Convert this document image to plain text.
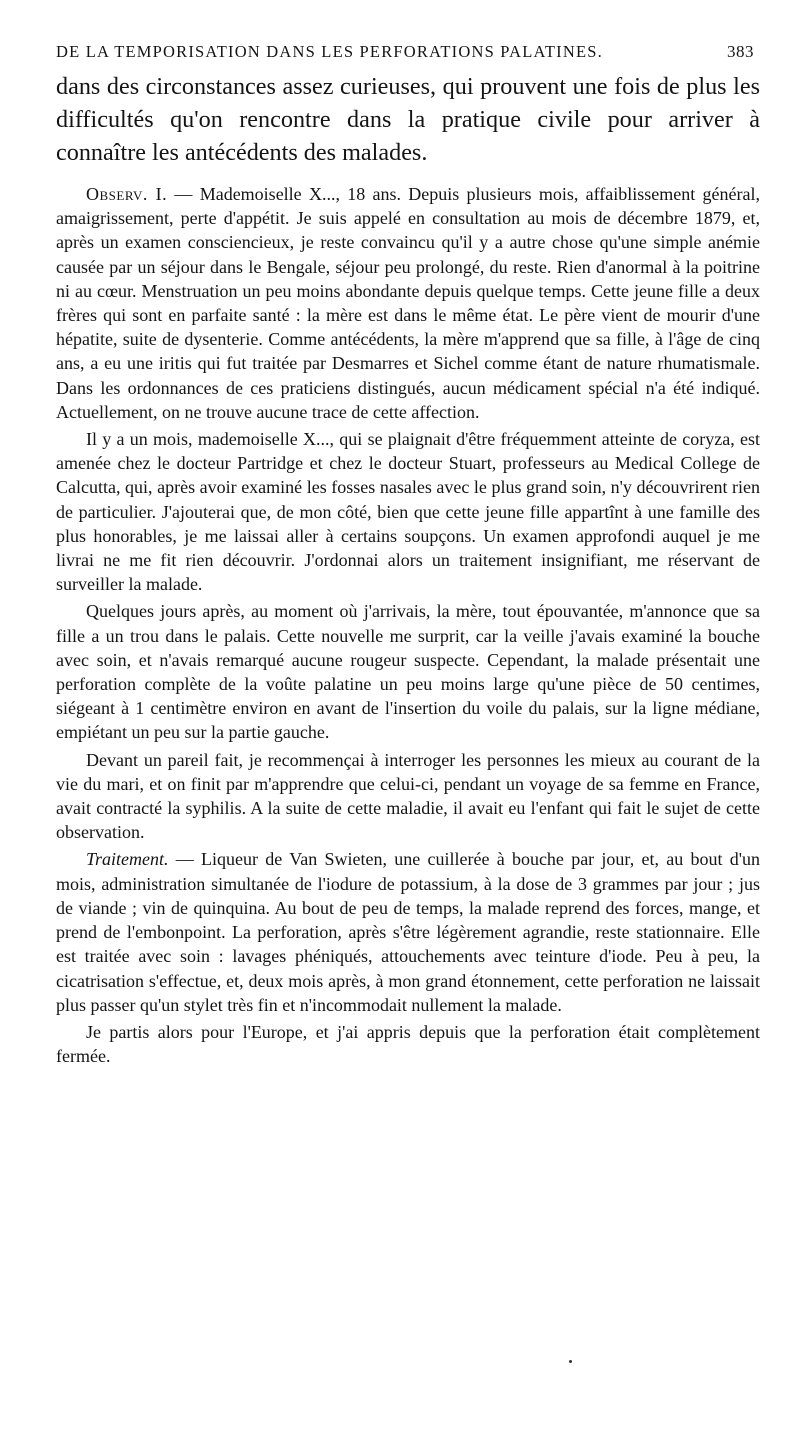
DE LA TEMPORISATION DANS LES PERFORATIONS PALATINES.	383

dans des circonstances assez curieuses, qui prouvent une fois de plus les difficultés qu'on rencontre dans la pratique civile pour arriver à connaître les antécédents des malades.

Observ. I. — Mademoiselle X..., 18 ans. Depuis plusieurs mois, affaiblissement général, amaigrissement, perte d'appétit. Je suis appelé en consultation au mois de décembre 1879, et, après un examen consciencieux, je reste convaincu qu'il y a autre chose qu'une simple anémie causée par un séjour dans le Bengale, séjour peu prolongé, du reste. Rien d'anormal à la poitrine ni au cœur. Menstruation un peu moins abondante depuis quelque temps. Cette jeune fille a deux frères qui sont en parfaite santé : la mère est dans le même état. Le père vient de mourir d'une hépatite, suite de dysenterie. Comme antécédents, la mère m'apprend que sa fille, à l'âge de cinq ans, a eu une iritis qui fut traitée par Desmarres et Sichel comme étant de nature rhumatismale. Dans les ordonnances de ces praticiens distingués, aucun médicament spécial n'a été indiqué. Actuellement, on ne trouve aucune trace de cette affection.

Il y a un mois, mademoiselle X..., qui se plaignait d'être fréquemment atteinte de coryza, est amenée chez le docteur Partridge et chez le docteur Stuart, professeurs au Medical College de Calcutta, qui, après avoir examiné les fosses nasales avec le plus grand soin, n'y découvrirent rien de particulier. J'ajouterai que, de mon côté, bien que cette jeune fille appartînt à une famille des plus honorables, je me laissai aller à certains soupçons. Un examen approfondi auquel je me livrai ne me fit rien découvrir. J'ordonnai alors un traitement insignifiant, me réservant de surveiller la malade.

Quelques jours après, au moment où j'arrivais, la mère, tout épouvantée, m'annonce que sa fille a un trou dans le palais. Cette nouvelle me surprit, car la veille j'avais examiné la bouche avec soin, et n'avais remarqué aucune rougeur suspecte. Cependant, la malade présentait une perforation complète de la voûte palatine un peu moins large qu'une pièce de 50 centimes, siégeant à 1 centimètre environ en avant de l'insertion du voile du palais, sur la ligne médiane, empiétant un peu sur la partie gauche.

Devant un pareil fait, je recommençai à interroger les personnes les mieux au courant de la vie du mari, et on finit par m'apprendre que celui-ci, pendant un voyage de sa femme en France, avait contracté la syphilis. A la suite de cette maladie, il avait eu l'enfant qui fait le sujet de cette observation.

Traitement. — Liqueur de Van Swieten, une cuillerée à bouche par jour, et, au bout d'un mois, administration simultanée de l'iodure de potassium, à la dose de 3 grammes par jour ; jus de viande ; vin de quinquina. Au bout de peu de temps, la malade reprend des forces, mange, et prend de l'embonpoint. La perforation, après s'être légèrement agrandie, reste stationnaire. Elle est traitée avec soin : lavages phéniqués, attouchements avec teinture d'iode. Peu à peu, la cicatrisation s'effectue, et, deux mois après, à mon grand étonnement, cette perforation ne laissait plus passer qu'un stylet très fin et n'incommodait nullement la malade.

Je partis alors pour l'Europe, et j'ai appris depuis que la perforation était complètement fermée.
